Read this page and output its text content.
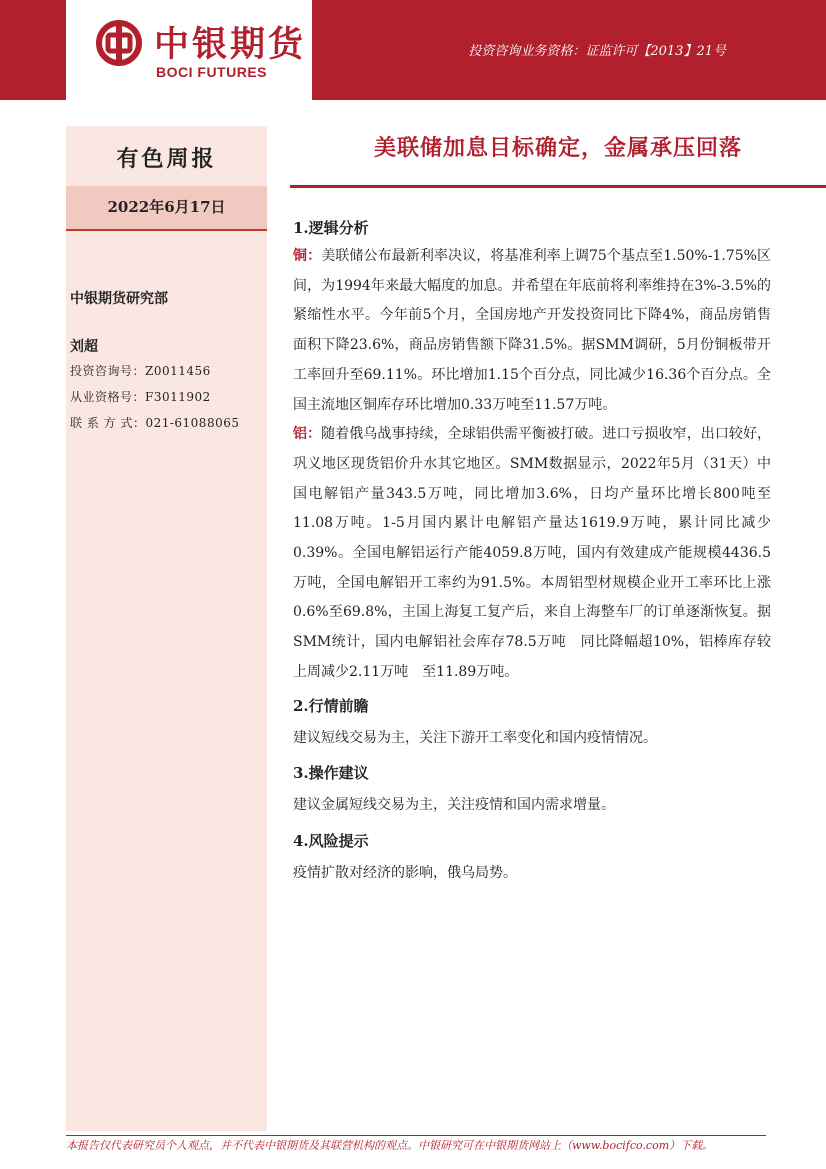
中银期货
BOCI FUTURES
投资咨询业务资格：证监许可【2013】21号
有色周报
2022年6月17日
中银期货研究部
刘超
投资咨询号：Z0011456
从业资格号：F3011902
联 系 方 式：021-61088065
美联储加息目标确定，金属承压回落

1.逻辑分析

铜：美联储公布最新利率决议，将基准利率上调75个基点至1.50%-1.75%区间，为1994年来最大幅度的加息。并希望在年底前将利率维持在3%-3.5%的紧缩性水平。今年前5个月，全国房地产开发投资同比下降4%，商品房销售面积下降23.6%，商品房销售额下降31.5%。据SMM调研，5月份铜板带开工率回升至69.11%。环比增加1.15个百分点，同比减少16.36个百分点。全国主流地区铜库存环比增加0.33万吨至11.57万吨。

铝：随着俄乌战事持续，全球铝供需平衡被打破。进口亏损收窄，出口较好，巩义地区现货铝价升水其它地区。SMM数据显示，2022年5月（31天）中国电解铝产量343.5万吨，同比增加3.6%，日均产量环比增长800吨至11.08万吨。1-5月国内累计电解铝产量达1619.9万吨，累计同比减少0.39%。全国电解铝运行产能4059.8万吨，国内有效建成产能规模4436.5万吨，全国电解铝开工率约为91.5%。本周铝型材规模企业开工率环比上涨0.6%至69.8%，主国上海复工复产后，来自上海整车厂的订单逐渐恢复。据SMM统计，国内电解铝社会库存78.5万吨　同比降幅超10%，铝棒库存较上周减少2.11万吨　至11.89万吨。

2.行情前瞻

建议短线交易为主，关注下游开工率变化和国内疫情情况。

3.操作建议

建议金属短线交易为主，关注疫情和国内需求增量。

4.风险提示

疫情扩散对经济的影响，俄乌局势。

本报告仅代表研究员个人观点，并不代表中银期货及其联营机构的观点。中银研究可在中银期货网站上（www.bocifco.com）下载。
